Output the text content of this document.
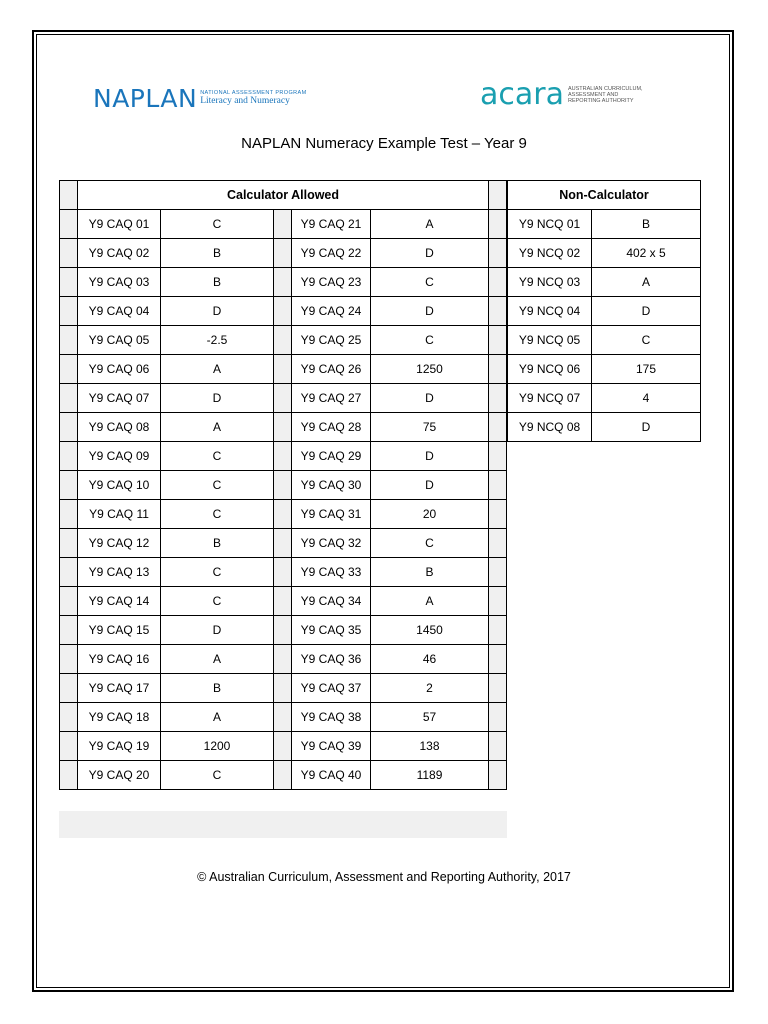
NAPLAN NATIONAL ASSESSMENT PROGRAM
Literacy and Numeracy	acara AUSTRALIAN CURRICULUM,
ASSESSMENT AND
REPORTING AUTHORITY
NAPLAN Numeracy Example Test – Year 9
	Calculator Allowed					
	Y9 CAQ 01	C		Y9 CAQ 21	A	
	Y9 CAQ 02	B		Y9 CAQ 22	D	
	Y9 CAQ 03	B		Y9 CAQ 23	C	
	Y9 CAQ 04	D		Y9 CAQ 24	D	
	Y9 CAQ 05	-2.5		Y9 CAQ 25	C	
	Y9 CAQ 06	A		Y9 CAQ 26	1250	
	Y9 CAQ 07	D		Y9 CAQ 27	D	
	Y9 CAQ 08	A		Y9 CAQ 28	75	
	Y9 CAQ 09	C		Y9 CAQ 29	D	
	Y9 CAQ 10	C		Y9 CAQ 30	D	
	Y9 CAQ 11	C		Y9 CAQ 31	20	
	Y9 CAQ 12	B		Y9 CAQ 32	C	
	Y9 CAQ 13	C		Y9 CAQ 33	B	
	Y9 CAQ 14	C		Y9 CAQ 34	A	
	Y9 CAQ 15	D		Y9 CAQ 35	1450	
	Y9 CAQ 16	A		Y9 CAQ 36	46	
	Y9 CAQ 17	B		Y9 CAQ 37	2	
	Y9 CAQ 18	A		Y9 CAQ 38	57	
	Y9 CAQ 19	1200		Y9 CAQ 39	138	
	Y9 CAQ 20	C		Y9 CAQ 40	1189	
Non-Calculator	
Y9 NCQ 01	B
Y9 NCQ 02	402 x 5
Y9 NCQ 03	A
Y9 NCQ 04	D
Y9 NCQ 05	C
Y9 NCQ 06	175
Y9 NCQ 07	4
Y9 NCQ 08	D
© Australian Curriculum, Assessment and Reporting Authority, 2017
